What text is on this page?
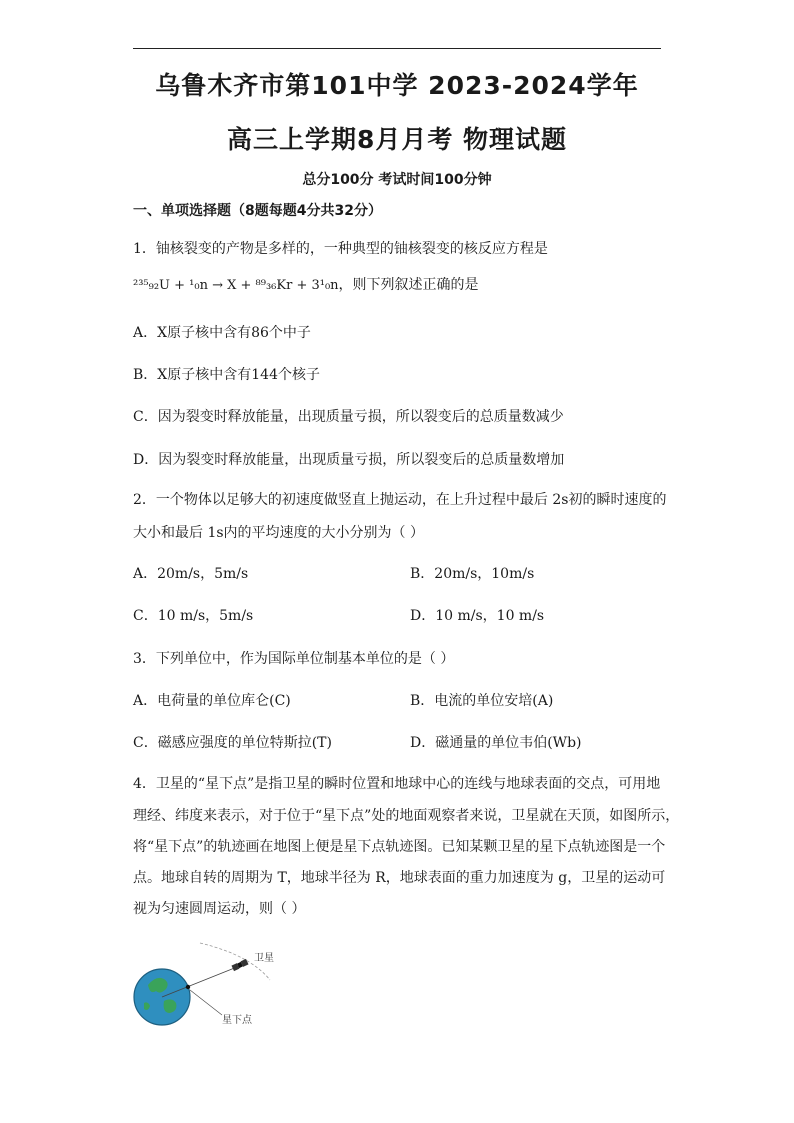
乌鲁木齐市第101中学 2023-2024学年
高三上学期8月月考 物理试题
总分100分 考试时间100分钟
一、单项选择题（8题每题4分共32分）
1．铀核裂变的产物是多样的，一种典型的铀核裂变的核反应方程是
²³⁵₉₂U + ¹₀n → X + ⁸⁹₃₆Kr + 3¹₀n，则下列叙述正确的是
A．X原子核中含有86个中子
B．X原子核中含有144个核子
C．因为裂变时释放能量，出现质量亏损，所以裂变后的总质量数减少
D．因为裂变时释放能量，出现质量亏损，所以裂变后的总质量数增加
2．一个物体以足够大的初速度做竖直上抛运动，在上升过程中最后 2s初的瞬时速度的
大小和最后 1s内的平均速度的大小分别为（ ）
A．20m/s，5m/s	B．20m/s，10m/s
C．10 m/s，5m/s	D．10 m/s，10 m/s
3．下列单位中，作为国际单位制基本单位的是（ ）
A．电荷量的单位库仑(C)	B．电流的单位安培(A)
C．磁感应强度的单位特斯拉(T)	D．磁通量的单位韦伯(Wb)
4．卫星的“星下点”是指卫星的瞬时位置和地球中心的连线与地球表面的交点，可用地
理经、纬度来表示，对于位于“星下点”处的地面观察者来说，卫星就在天顶，如图所示，
将“星下点”的轨迹画在地图上便是星下点轨迹图。已知某颗卫星的星下点轨迹图是一个
点。地球自转的周期为 T，地球半径为 R，地球表面的重力加速度为 g，卫星的运动可
视为匀速圆周运动，则（ ）
卫星
星下点
